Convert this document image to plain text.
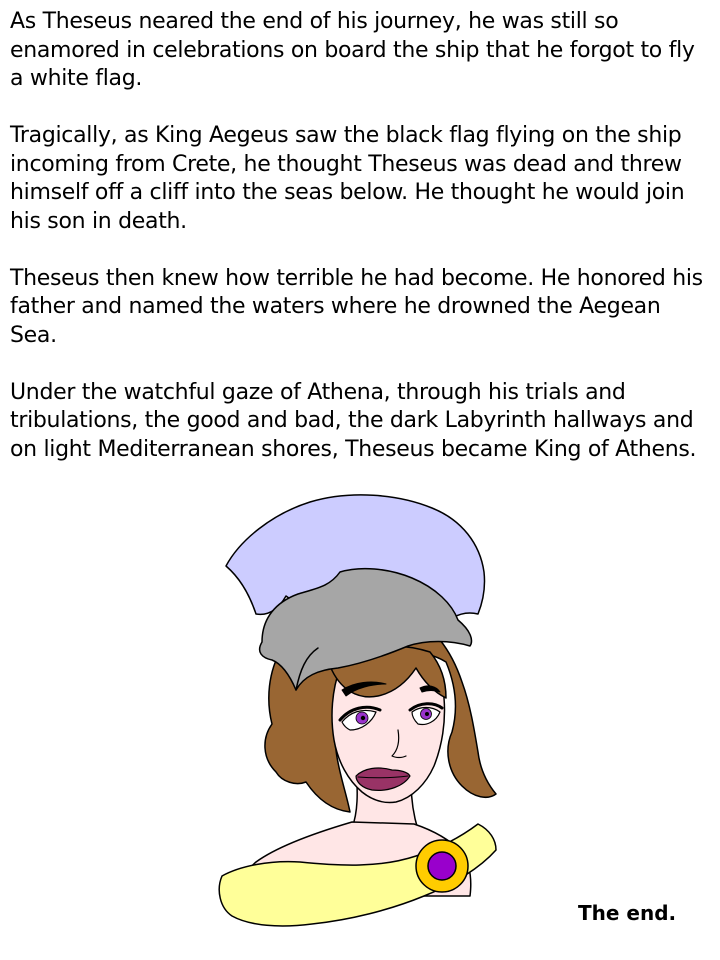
As Theseus neared the end of his journey, he was still so enamored in celebrations on board the ship that he forgot to fly a white flag.

Tragically, as King Aegeus saw the black flag flying on the ship incoming from Crete, he thought Theseus was dead and threw himself off a cliff into the seas below. He thought he would join his son in death.

Theseus then knew how terrible he had become. He honored his father and named the waters where he drowned the Aegean Sea.

Under the watchful gaze of Athena, through his trials and tribulations, the good and bad, the dark Labyrinth hallways and on light Mediterranean shores, Theseus became King of Athens.

The end.
